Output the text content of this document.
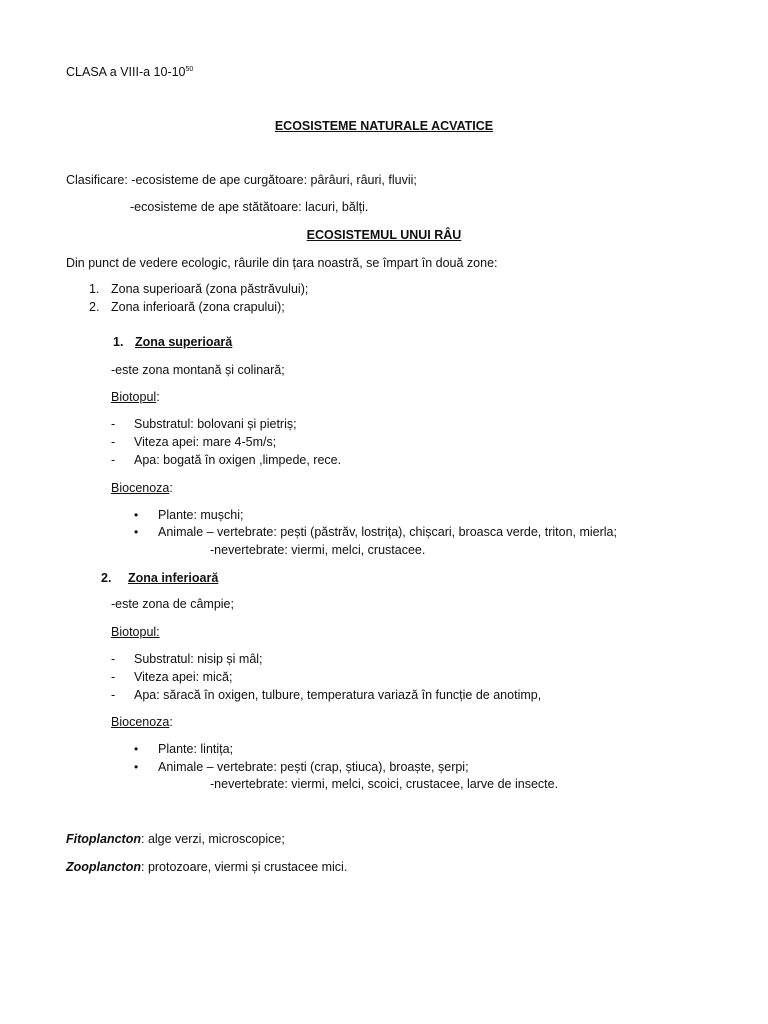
CLASA a VIII-a $10-10^{50}$
ECOSISTEME NATURALE ACVATICE
Clasificare: -ecosisteme de ape curgătoare: pârâuri, râuri, fluvii;
-ecosisteme de ape stătătoare: lacuri, bălți.
ECOSISTEMUL UNUI RÂU
Din punct de vedere ecologic, râurile din țara noastră, se împart în două zone:
1. Zona superioară (zona păstrăvului);
2. Zona inferioară (zona crapului);
1. Zona superioară
-este zona montană și colinară;
Biotopul:
- Substratul: bolovani și pietriș;
- Viteza apei: mare 4-5m/s;
- Apa: bogată în oxigen ,limpede, rece.
Biocenoza:
• Plante: mușchi;
• Animale – vertebrate: pești (păstrăv, lostrița), chișcari, broasca verde, triton, mierla;
-nevertebrate: viermi, melci, crustacee.
2. Zona inferioară
-este zona de câmpie;
Biotopul:
- Substratul: nisip și mâl;
- Viteza apei: mică;
- Apa: săracă în oxigen, tulbure, temperatura variază în funcție de anotimp,
Biocenoza:
• Plante: lintița;
• Animale – vertebrate: pești (crap, știuca), broaște, șerpi;
-nevertebrate: viermi, melci, scoici, crustacee, larve de insecte.
Fitoplancton: alge verzi, microscopice;
Zooplancton: protozoare, viermi și crustacee mici.
